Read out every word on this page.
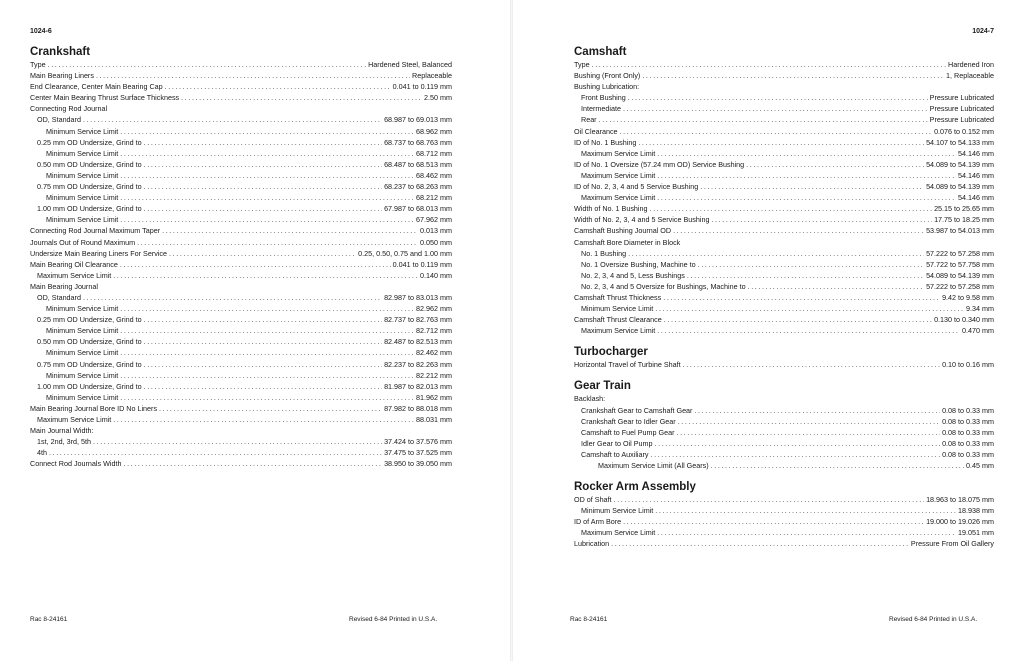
1024-6
Crankshaft
Type .....	Hardened Steel, Balanced
Main Bearing Liners .....	Replaceable
End Clearance, Center Main Bearing Cap .....	0.041 to 0.119 mm
Center Main Bearing Thrust Surface Thickness .....	2.50 mm
Connecting Rod Journal
OD, Standard .....	68.987 to 69.013 mm
Minimum Service Limit .....	68.962 mm
0.25 mm OD Undersize, Grind to .....	68.737 to 68.763 mm
Minimum Service Limit .....	68.712 mm
0.50 mm OD Undersize, Grind to .....	68.487 to 68.513 mm
Minimum Service Limit .....	68.462 mm
0.75 mm OD Undersize, Grind to .....	68.237 to 68.263 mm
Minimum Service Limit .....	68.212 mm
1.00 mm OD Undersize, Grind to .....	67.987 to 68.013 mm
Minimum Service Limit .....	67.962 mm
Connecting Rod Journal Maximum Taper .....	0.013 mm
Journals Out of Round Maximum .....	0.050 mm
Undersize Main Bearing Liners For Service .....	0.25, 0.50, 0.75 and 1.00 mm
Main Bearing Oil Clearance .....	0.041 to 0.119 mm
Maximum Service Limit .....	0.140 mm
Main Bearing Journal
OD, Standard .....	82.987 to 83.013 mm
Minimum Service Limit .....	82.962 mm
0.25 mm OD Undersize, Grind to .....	82.737 to 82.763 mm
Minimum Service Limit .....	82.712 mm
0.50 mm OD Undersize, Grind to .....	82.487 to 82.513 mm
Minimum Service Limit .....	82.462 mm
0.75 mm OD Undersize, Grind to .....	82.237 to 82.263 mm
Minimum Service Limit .....	82.212 mm
1.00 mm OD Undersize, Grind to .....	81.987 to 82.013 mm
Minimum Service Limit .....	81.962 mm
Main Bearing Journal Bore ID No Liners .....	87.982 to 88.018 mm
Maximum Service Limit .....	88.031 mm
Main Journal Width:
1st, 2nd, 3rd, 5th .....	37.424 to 37.576 mm
4th .....	37.475 to 37.525 mm
Connect Rod Journals Width .....	38.950 to 39.050 mm
Rac 8-24161	Revised 6-84 Printed in U.S.A.
1024-7
Camshaft
Type .....	Hardened Iron
Bushing (Front Only) .....	1, Replaceable
Bushing Lubrication:
Front Bushing .....	Pressure Lubricated
Intermediate .....	Pressure Lubricated
Rear .....	Pressure Lubricated
Oil Clearance .....	0.076 to 0.152 mm
ID of No. 1 Bushing .....	54.107 to 54.133 mm
Maximum Service Limit .....	54.146 mm
ID of No. 1 Oversize (57.24 mm OD) Service Bushing .....	54.089 to 54.139 mm
Maximum Service Limit .....	54.146 mm
ID of No. 2, 3, 4 and 5 Service Bushing .....	54.089 to 54.139 mm
Maximum Service Limit .....	54.146 mm
Width of No. 1 Bushing .....	25.15 to 25.65 mm
Width of No. 2, 3, 4 and 5 Service Bushing .....	17.75 to 18.25 mm
Camshaft Bushing Journal OD .....	53.987 to 54.013 mm
Camshaft Bore Diameter in Block
No. 1 Bushing .....	57.222 to 57.258 mm
No. 1 Oversize Bushing, Machine to .....	57.722 to 57.758 mm
No. 2, 3, 4 and 5, Less Bushings .....	54.089 to 54.139 mm
No. 2, 3, 4 and 5 Oversize for Bushings, Machine to .....	57.222 to 57.258 mm
Camshaft Thrust Thickness .....	9.42 to 9.58 mm
Minimum Service Limit .....	9.34 mm
Camshaft Thrust Clearance .....	0.130 to 0.340 mm
Maximum Service Limit .....	0.470 mm
Turbocharger
Horizontal Travel of Turbine Shaft .....	0.10 to 0.16 mm
Gear Train
Backlash:
Crankshaft Gear to Camshaft Gear .....	0.08 to 0.33 mm
Crankshaft Gear to Idler Gear .....	0.08 to 0.33 mm
Camshaft to Fuel Pump Gear .....	0.08 to 0.33 mm
Idler Gear to Oil Pump .....	0.08 to 0.33 mm
Camshaft to Auxiliary .....	0.08 to 0.33 mm
Maximum Service Limit (All Gears) .....	0.45 mm
Rocker Arm Assembly
OD of Shaft .....	18.963 to 18.075 mm
Minimum Service Limit .....	18.938 mm
ID of Arm Bore .....	19.000 to 19.026 mm
Maximum Service Limit .....	19.051 mm
Lubrication .....	Pressure From Oil Gallery
Rac 8-24161	Revised 6-84 Printed in U.S.A.
